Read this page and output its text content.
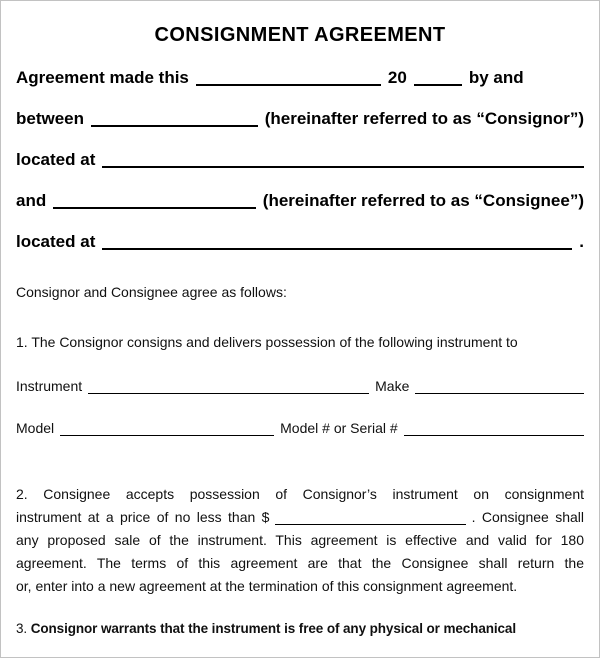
CONSIGNMENT AGREEMENT
Agreement made this	20	by and
between	(hereinafter referred to as “Consignor”)
located at
and	(hereinafter referred to as “Consignee”)
located at	.
Consignor and Consignee agree as follows:
1. The Consignor consigns and delivers possession of the following instrument to
Instrument	Make
Model	Model # or Serial #
2. Consignee accepts possession of Consignor’s instrument on consignment
instrument at a price of no less than $	. Consignee shall
any proposed sale of the instrument. This agreement is effective and valid for 180
agreement. The terms of this agreement are that the Consignee shall return the
or, enter into a new agreement at the termination of this consignment agreement.
3. Consignor warrants that the instrument is free of any physical or mechanical
